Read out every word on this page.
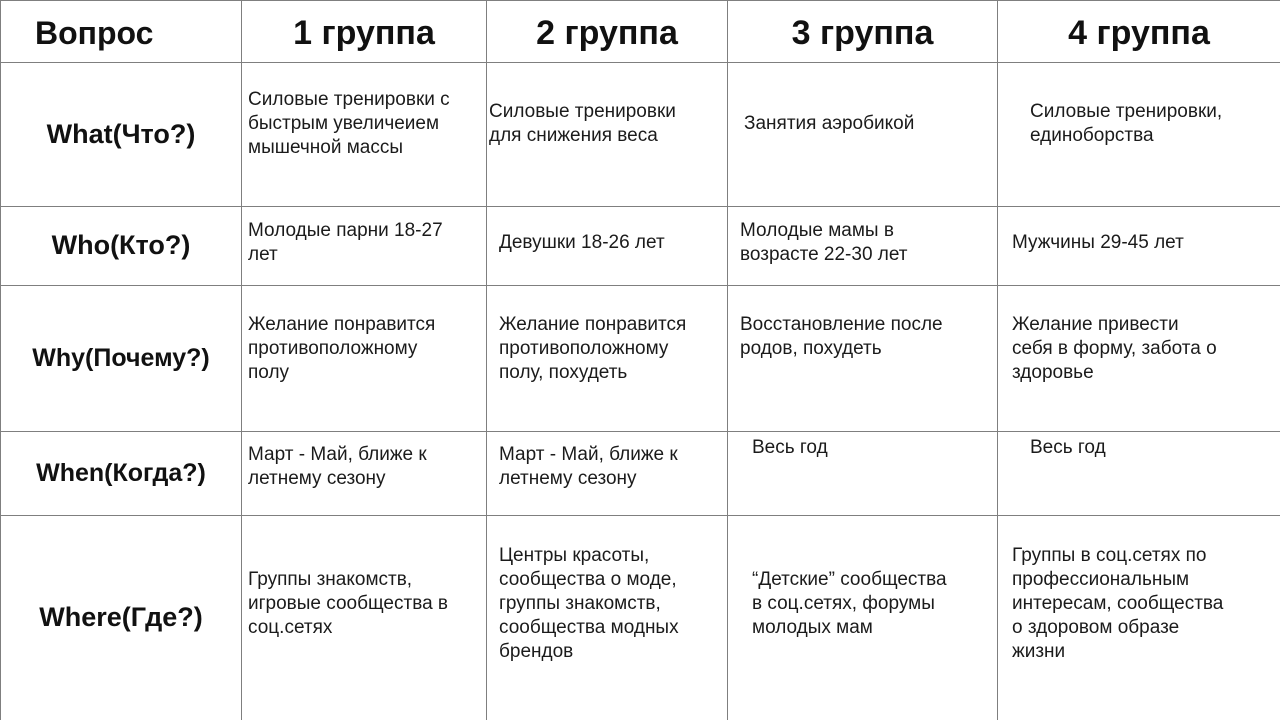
Вопрос	1 группа	2 группа	3 группа	4 группа
What(Что?)	Силовые тренировки с
быстрым увеличеием
мышечной массы	Силовые тренировки
для снижения веса	Занятия аэробикой	Силовые тренировки,
единоборства

Who(Кто?)	Молодые парни 18-27
лет	Девушки 18-26 лет	Молодые мамы в
возрасте 22-30 лет	Мужчины 29-45 лет

Why(Почему?)	Желание понравится
противоположному
полу	Желание понравится
противоположному
полу, похудеть	Восстановление после
родов, похудеть	Желание привести
себя в форму, забота о
здоровье

When(Когда?)	Март - Май, ближе к
летнему сезону	Март - Май, ближе к
летнему сезону	Весь год	Весь год

Where(Где?)	Группы знакомств,
игровые сообщества в
соц.сетях	Центры красоты,
сообщества о моде,
группы знакомств,
сообщества модных
брендов	“Детские” сообщества
в соц.сетях, форумы
молодых мам	Группы в соц.сетях по
профессиональным
интересам, сообщества
о здоровом образе
жизни
